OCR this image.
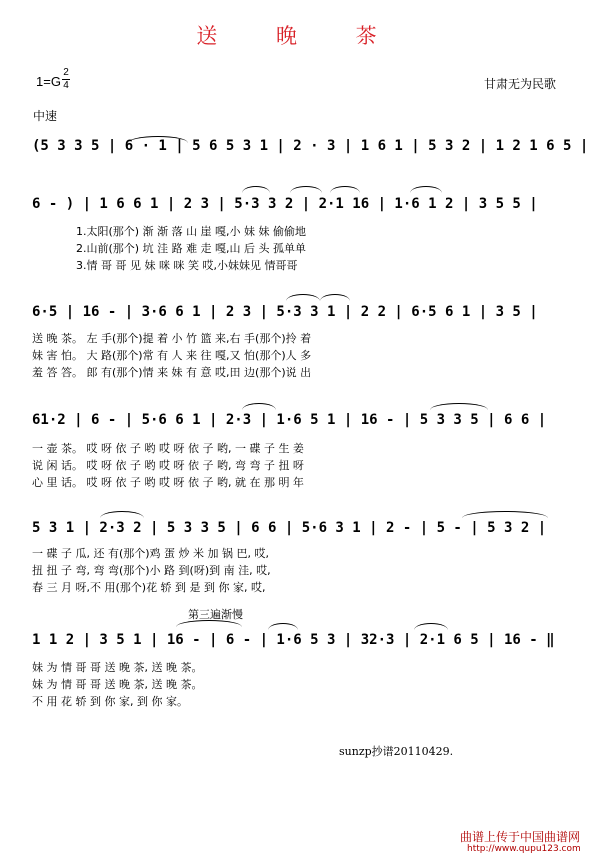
送 晚 茶
1=G
2
4	甘肃无为民歌
中速
(5 3 3 5 | 6 · 1 | 5 6 5 3 1 | 2 · 3 | 1 6 1 | 5 3 2 | 1 2 1 6 5 |
6 - ) | 1 6 6 1 | 2 3 | 5·3 3 2 | 2·1 16 | 1·6 1 2 | 3 5 5 |
1.太阳(那个) 渐 渐 落 山 崖 嘎,小 妹 妹 偷偷地
2.山前(那个) 坑 洼 路 难 走 嘎,山 后 头 孤单单
3.情 哥 哥 见 妹 咪 咪 笑 哎,小妹妹见 情哥哥
6·5 | 16 - | 3·6 6 1 | 2 3 | 5·3 3 1 | 2 2 | 6·5 6 1 | 3 5 |
送 晚 茶。 左 手(那个)提 着 小 竹 篮 来,右 手(那个)拎 着
妹 害 怕。 大 路(那个)常 有 人 来 往 嘎,又 怕(那个)人 多
羞 答 答。 郎 有(那个)情 来 妹 有 意 哎,田 边(那个)说 出
61·2 | 6 - | 5·6 6 1 | 2·3 | 1·6 5 1 | 16 - | 5 3 3 5 | 6 6 |
一 壶 茶。 哎 呀 依 子 哟 哎 呀 依 子 哟, 一 碟 子 生 姜
说 闲 话。 哎 呀 依 子 哟 哎 呀 依 子 哟, 弯 弯 子 扭 呀
心 里 话。 哎 呀 依 子 哟 哎 呀 依 子 哟, 就 在 那 明 年
5 3 1 | 2·3 2 | 5 3 3 5 | 6 6 | 5·6 3 1 | 2 - | 5 - | 5 3 2 |
一 碟 子 瓜, 还 有(那个)鸡 蛋 炒 米 加 锅 巴, 哎,
扭 扭 子 弯, 弯 弯(那个)小 路 到(呀)到 南 洼, 哎,
春 三 月 呀,不 用(那个)花 轿 到 是 到 你 家, 哎,
第三遍渐慢
1 1 2 | 3 5 1 | 16 - | 6 - | 1·6 5 3 | 32·3 | 2·1 6 5 | 16 - ‖
妹 为 情 哥 哥 送 晚 茶, 送 晚 茶。
妹 为 情 哥 哥 送 晚 茶, 送 晚 茶。
不 用 花 轿 到 你 家, 到 你 家。
sunzp抄谱20110429.
曲谱上传于中国曲谱网
http://www.qupu123.com
